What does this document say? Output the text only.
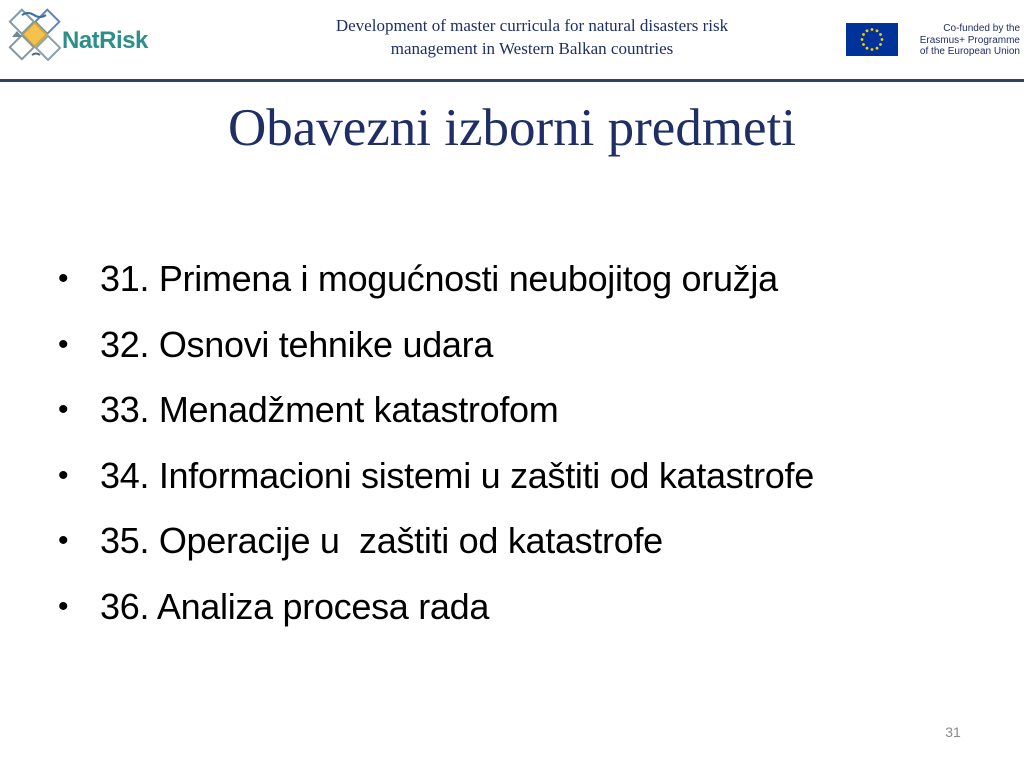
NatRisk
Development of master curricula for natural disasters risk
management in Western Balkan countries
Co-funded by the
Erasmus+ Programme
of the European Union
Obavezni izborni predmeti

•

31. Primena i mogućnosti neubojitog oružja

•

32. Osnovi tehnike udara

•

33. Menadžment katastrofom

•

34. Informacioni sistemi u zaštiti od katastrofe

•

35. Operacije u  zaštiti od katastrofe

•

36. Analiza procesa rada

31
